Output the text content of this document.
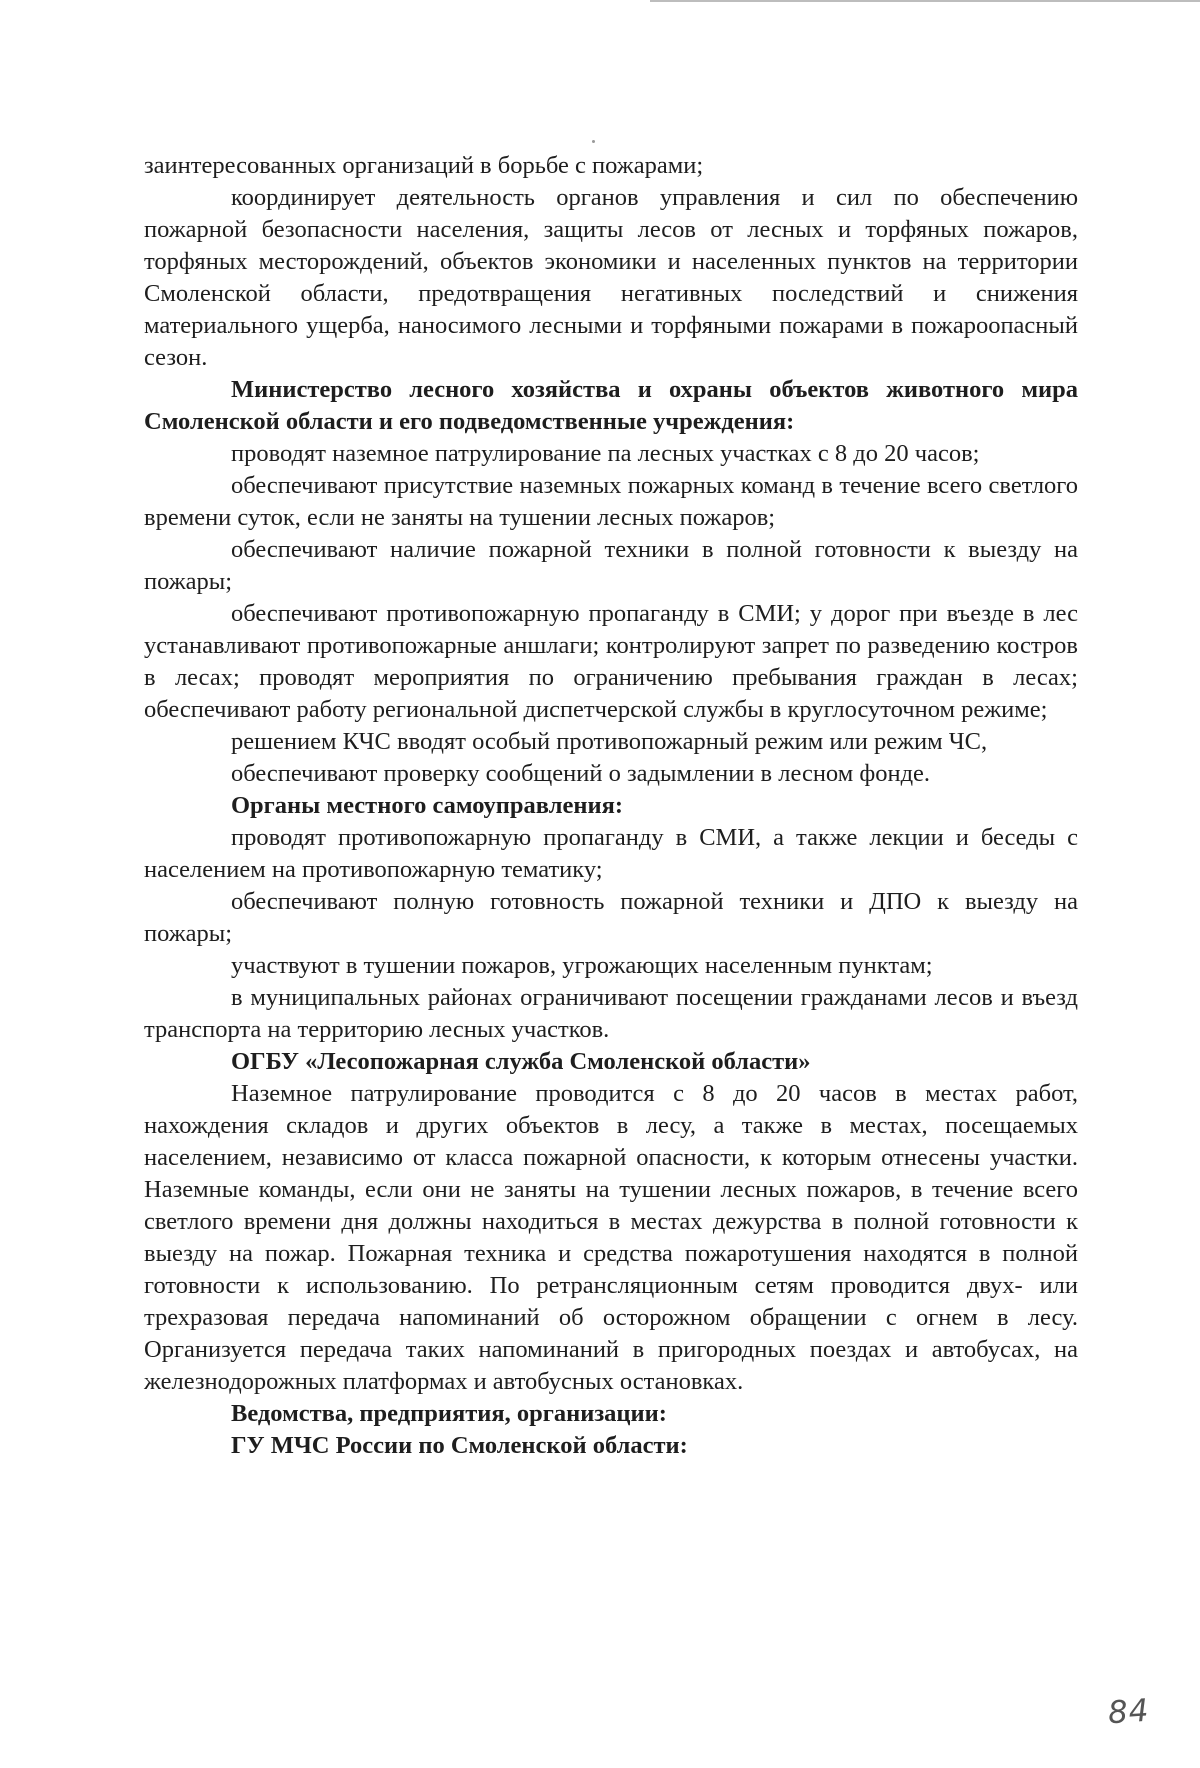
заинтересованных организаций в борьбе с пожарами;

координирует деятельность органов управления и сил по обеспечению пожарной безопасности населения, защиты лесов от лесных и торфяных пожаров, торфяных месторождений, объектов экономики и населенных пунктов на территории Смоленской области, предотвращения негативных последствий и снижения материального ущерба, наносимого лесными и торфяными пожарами в пожароопасный сезон.

Министерство лесного хозяйства и охраны объектов животного мира Смоленской области и его подведомственные учреждения:

проводят наземное патрулирование па лесных участках с 8 до 20 часов;

обеспечивают присутствие наземных пожарных команд в течение всего светлого времени суток, если не заняты на тушении лесных пожаров;

обеспечивают наличие пожарной техники в полной готовности к выезду на пожары;

обеспечивают противопожарную пропаганду в СМИ; у дорог при въезде в лес устанавливают противопожарные аншлаги; контролируют запрет по разведению костров в лесах; проводят мероприятия по ограничению пребывания граждан в лесах; обеспечивают работу региональной диспетчерской службы в круглосуточном режиме;

решением КЧС вводят особый противопожарный режим или режим ЧС,

обеспечивают проверку сообщений о задымлении в лесном фонде.

Органы местного самоуправления:

проводят противопожарную пропаганду в СМИ, а также лекции и беседы с населением на противопожарную тематику;

обеспечивают полную готовность пожарной техники и ДПО к выезду на пожары;

участвуют в тушении пожаров, угрожающих населенным пунктам;

в муниципальных районах ограничивают посещении гражданами лесов и въезд транспорта на территорию лесных участков.

ОГБУ «Лесопожарная служба Смоленской области»

Наземное патрулирование проводится с 8 до 20 часов в местах работ, нахождения складов и других объектов в лесу, а также в местах, посещаемых населением, независимо от класса пожарной опасности, к которым отнесены участки. Наземные команды, если они не заняты на тушении лесных пожаров, в течение всего светлого времени дня должны находиться в местах дежурства в полной готовности к выезду на пожар. Пожарная техника и средства пожаротушения находятся в полной готовности к использованию. По ретрансляционным сетям проводится двух- или трехразовая передача напоминаний об осторожном обращении с огнем в лесу. Организуется передача таких напоминаний в пригородных поездах и автобусах, на железнодорожных платформах и автобусных остановках.

Ведомства, предприятия, организации:

ГУ МЧС России по Смоленской области:

84
